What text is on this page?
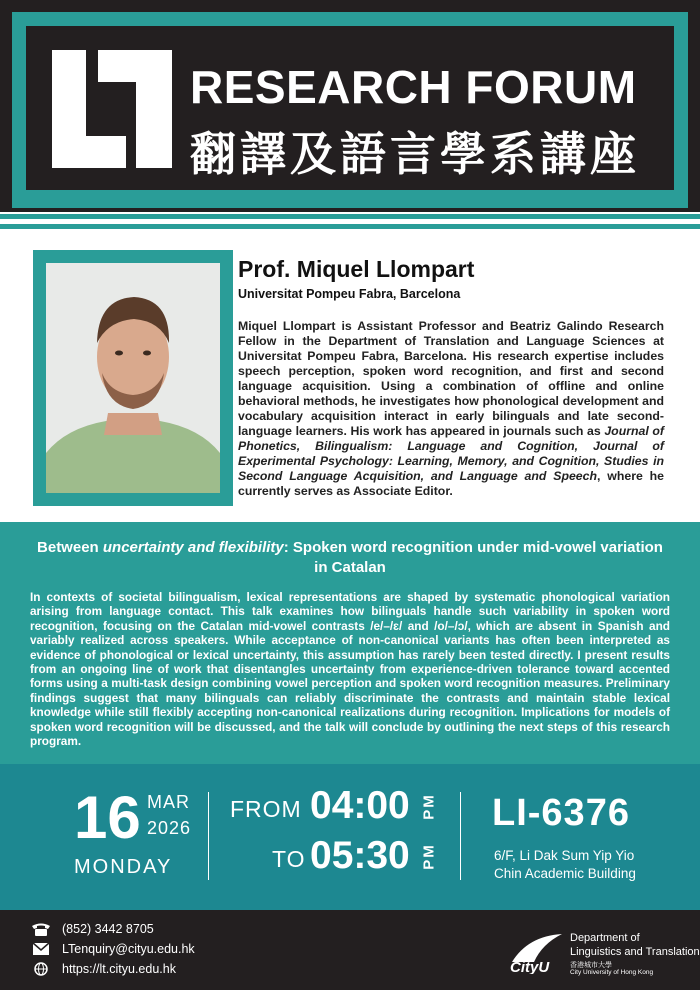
RESEARCH FORUM
翻譯及語言學系講座
Prof. Miquel Llompart
Universitat Pompeu Fabra, Barcelona
Miquel Llompart is Assistant Professor and Beatriz Galindo Research Fellow in the Department of Translation and Language Sciences at Universitat Pompeu Fabra, Barcelona. His research expertise includes speech perception, spoken word recognition, and first and second language acquisition. Using a combination of offline and online behavioral methods, he investigates how phonological development and vocabulary acquisition interact in early bilinguals and late second-language learners. His work has appeared in journals such as Journal of Phonetics, Bilingualism: Language and Cognition, Journal of Experimental Psychology: Learning, Memory, and Cognition, Studies in Second Language Acquisition, and Language and Speech, where he currently serves as Associate Editor.
Between uncertainty and flexibility: Spoken word recognition under mid-vowel variation in Catalan
In contexts of societal bilingualism, lexical representations are shaped by systematic phonological variation arising from language contact. This talk examines how bilinguals handle such variability in spoken word recognition, focusing on the Catalan mid-vowel contrasts /e/–/ɛ/ and /o/–/ɔ/, which are absent in Spanish and variably realized across speakers. While acceptance of non-canonical variants has often been interpreted as evidence of phonological or lexical uncertainty, this assumption has rarely been tested directly. I present results from an ongoing line of work that disentangles uncertainty from experience-driven tolerance toward accented forms using a multi-task design combining vowel perception and spoken word recognition measures. Preliminary findings suggest that many bilinguals can reliably discriminate the contrasts and maintain stable lexical knowledge while still flexibly accepting non-canonical realizations during recognition. Implications for models of spoken word recognition will be discussed, and the talk will conclude by outlining the next steps of this research program.
16 MAR
2026
MONDAY
FROM 04:00 PM
TO 05:30 PM
LI-6376
6/F, Li Dak Sum Yip Yio
Chin Academic Building
(852) 3442 8705
LTenquiry@cityu.edu.hk
https://lt.cityu.edu.hk	CityU
Department of
Linguistics and Translation
香港城市大學
City University of Hong Kong
